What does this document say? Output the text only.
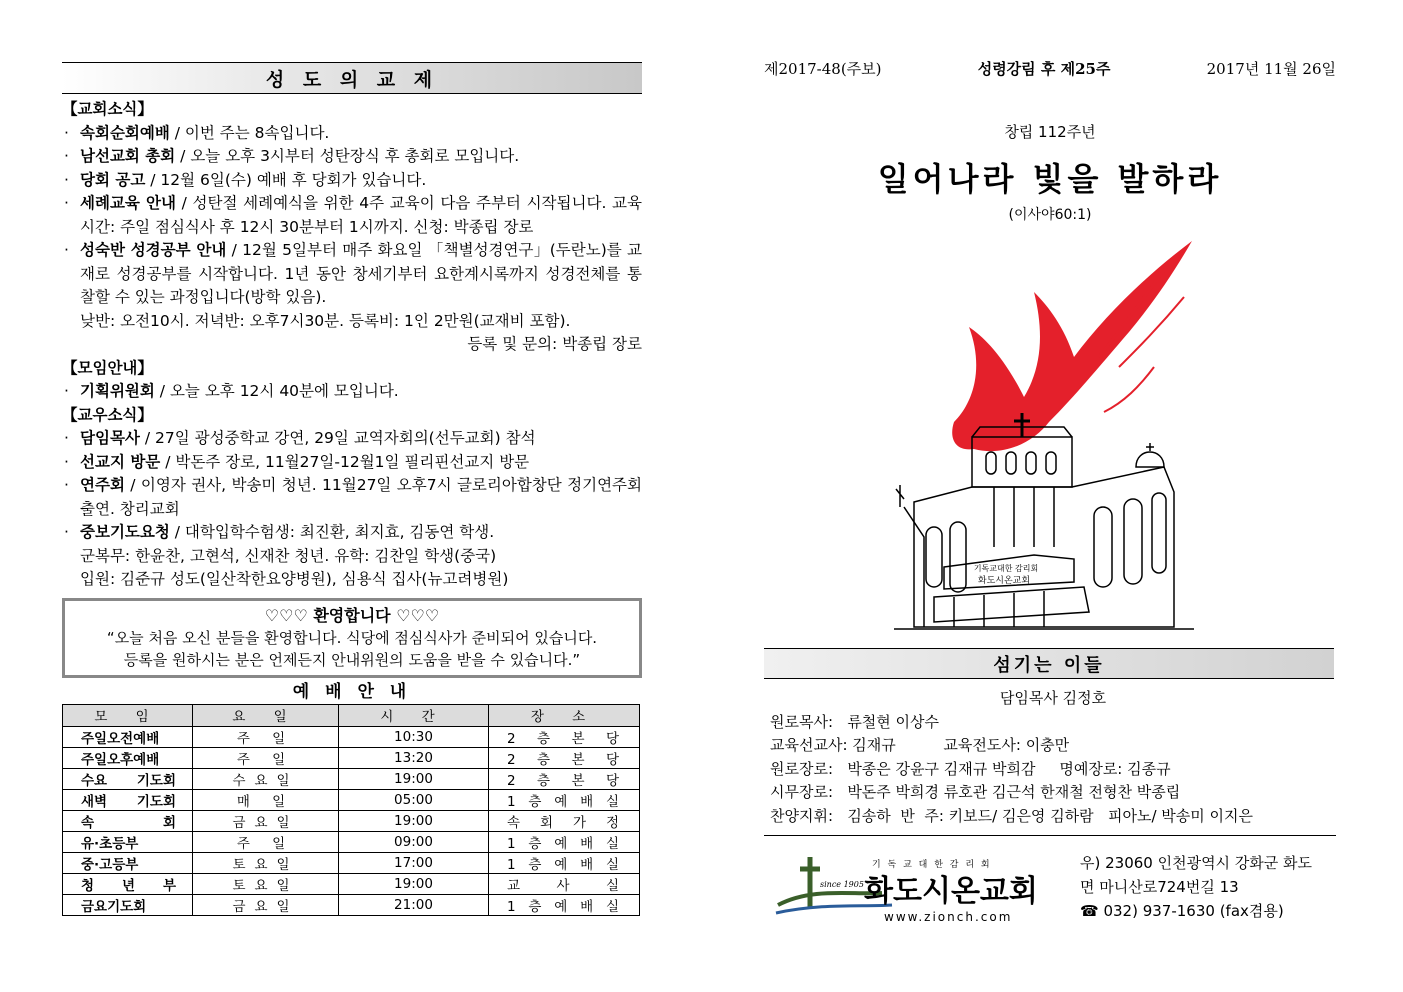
성 도 의 교 제
【교회소식】
· 속회순회예배 / 이번 주는 8속입니다.
· 남선교회 총회 / 오늘 오후 3시부터 성탄장식 후 총회로 모입니다.
· 당회 공고 / 12월 6일(수) 예배 후 당회가 있습니다.
· 세례교육 안내 / 성탄절 세례예식을 위한 4주 교육이 다음 주부터 시작됩니다. 교육시간: 주일 점심식사 후 12시 30분부터 1시까지. 신청: 박종립 장로
· 성숙반 성경공부 안내 / 12월 5일부터 매주 화요일 「책별성경연구」(두란노)를 교재로 성경공부를 시작합니다. 1년 동안 창세기부터 요한계시록까지 성경전체를 통찰할 수 있는 과정입니다(방학 있음).
낮반: 오전10시. 저녁반: 오후7시30분. 등록비: 1인 2만원(교재비 포함).
등록 및 문의: 박종립 장로
【모임안내】
· 기획위원회 / 오늘 오후 12시 40분에 모입니다.
【교우소식】
· 담임목사 / 27일 광성중학교 강연, 29일 교역자회의(선두교회) 참석
· 선교지 방문 / 박돈주 장로, 11월27일-12월1일 필리핀선교지 방문
· 연주회 / 이영자 권사, 박송미 청년. 11월27일 오후7시 글로리아합창단 정기연주회 출연. 창리교회
· 중보기도요청 / 대학입학수험생: 최진환, 최지효, 김동연 학생.
군복무: 한윤찬, 고현석, 신재찬 청년. 유학: 김찬일 학생(중국)
입원: 김준규 성도(일산착한요양병원), 심용식 집사(뉴고려병원)
♡♡♡ 환영합니다 ♡♡♡
“오늘 처음 오신 분들을 환영합니다. 식당에 점심식사가 준비되어 있습니다.
등록을 원하시는 분은 언제든지 안내위원의 도움을 받을 수 있습니다.”
예 배 안 내
모 임	요 일	시 간	장 소
주일오전예배	주 일	10:30	2 층 본 당
주일오후예배	주 일	13:20	2 층 본 당
수요 기도회	수요일	19:00	2 층 본 당
새벽 기도회	매 일	05:00	1 층 예 배 실
속 회	금요일	19:00	속 회 가 정
유·초등부	주 일	09:00	1 층 예 배 실
중·고등부	토요일	17:00	1 층 예 배 실
청 년 부	토요일	19:00	교 사 실
금요기도회	금요일	21:00	1 층 예 배 실
제2017-48(주보)	성령강림 후 제25주	2017년 11월 26일
창립 112주년
일어나라 빛을 발하라
(이사야60:1)
기독교대한 감리회
화도시온교회
섬기는 이들
담임목사 김정호
원로목사:   류철현 이상수
교육선교사: 김재규          교육전도사: 이충만
원로장로:   박종은 강윤구 김재규 박희감     명예장로: 김종규
시무장로:   박돈주 박희경 류호관 김근석 한재철 전형찬 박종립
찬양지휘:   김송하  반  주: 키보드/ 김은영 김하람   피아노/ 박송미 이지은
since 1905
기 독 교 대 한 감 리 회
화도시온교회
www.zionch.com
우) 23060 인천광역시 강화군 화도
면 마니산로724번길 13
☎ 032) 937-1630 (fax겸용)
